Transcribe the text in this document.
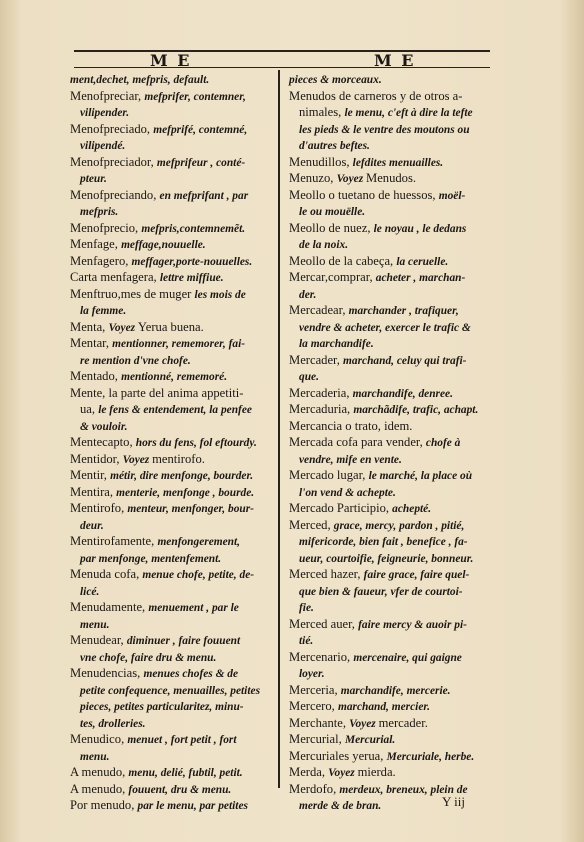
M E	M E
ment,dechet, mefpris, default.
Menofpreciar, mefprifer, contemner,
vilipender.
Menofpreciado, mefprifé, contemné,
vilipendé.
Menofpreciador, mefprifeur , conté-
pteur.
Menofpreciando, en mefprifant , par
mefpris.
Menofprecio, mefpris,contemnemẽt.
Menfage, meffage,nouuelle.
Menfagero, meffager,porte-nouuelles.
Carta menfagera, lettre miffiue.
Menftruo,mes de muger les mois de
la femme.
Menta, Voyez Yerua buena.
Mentar, mentionner, rememorer, fai-
re mention d'vne chofe.
Mentado, mentionné, rememoré.
Mente, la parte del anima appetiti-
ua, le fens & entendement, la penfee
& vouloir.
Mentecapto, hors du fens, fol eftourdy.
Mentidor, Voyez mentirofo.
Mentir, métir, dire menfonge, bourder.
Mentira, menterie, menfonge , bourde.
Mentirofo, menteur, menfonger, bour-
deur.
Mentirofamente, menfongerement,
par menfonge, mentenfement.
Menuda cofa, menue chofe, petite, de-
licé.
Menudamente, menuement , par le
menu.
Menudear, diminuer , faire fouuent
vne chofe, faire dru & menu.
Menudencias, menues chofes & de
petite confequence, menuailles, petites
pieces, petites particularitez, minu-
tes, drolleries.
Menudico, menuet , fort petit , fort
menu.
A menudo, menu, delié, fubtil, petit.
A menudo, fouuent, dru & menu.
Por menudo, par le menu, par petites
pieces & morceaux.
Menudos de carneros y de otros a-
nimales, le menu, c'eft à dire la tefte
les pieds & le ventre des moutons ou
d'autres beftes.
Menudillos, lefdites menuailles.
Menuzo, Voyez Menudos.
Meollo o tuetano de huessos, moël-
le ou mouëlle.
Meollo de nuez, le noyau , le dedans
de la noix.
Meollo de la cabeça, la ceruelle.
Mercar,comprar, acheter , marchan-
der.
Mercadear, marchander , trafiquer,
vendre & acheter, exercer le trafic &
la marchandife.
Mercader, marchand, celuy qui trafi-
que.
Mercaderia, marchandife, denree.
Mercaduria, marchãdife, trafic, achapt.
Mercancia o trato, idem.
Mercada cofa para vender, chofe à
vendre, mife en vente.
Mercado lugar, le marché, la place où
l'on vend & achepte.
Mercado Participio, achepté.
Merced, grace, mercy, pardon , pitié,
mifericorde, bien fait , benefice , fa-
ueur, courtoifie, feigneurie, bonneur.
Merced hazer, faire grace, faire quel-
que bien & faueur, vfer de courtoi-
fie.
Merced auer, faire mercy & auoir pi-
tié.
Mercenario, mercenaire, qui gaigne
loyer.
Merceria, marchandife, mercerie.
Mercero, marchand, mercier.
Merchante, Voyez mercader.
Mercurial, Mercurial.
Mercuriales yerua, Mercuriale, herbe.
Merda, Voyez mierda.
Merdofo, merdeux, breneux, plein de
merde & de bran.	Y iij
